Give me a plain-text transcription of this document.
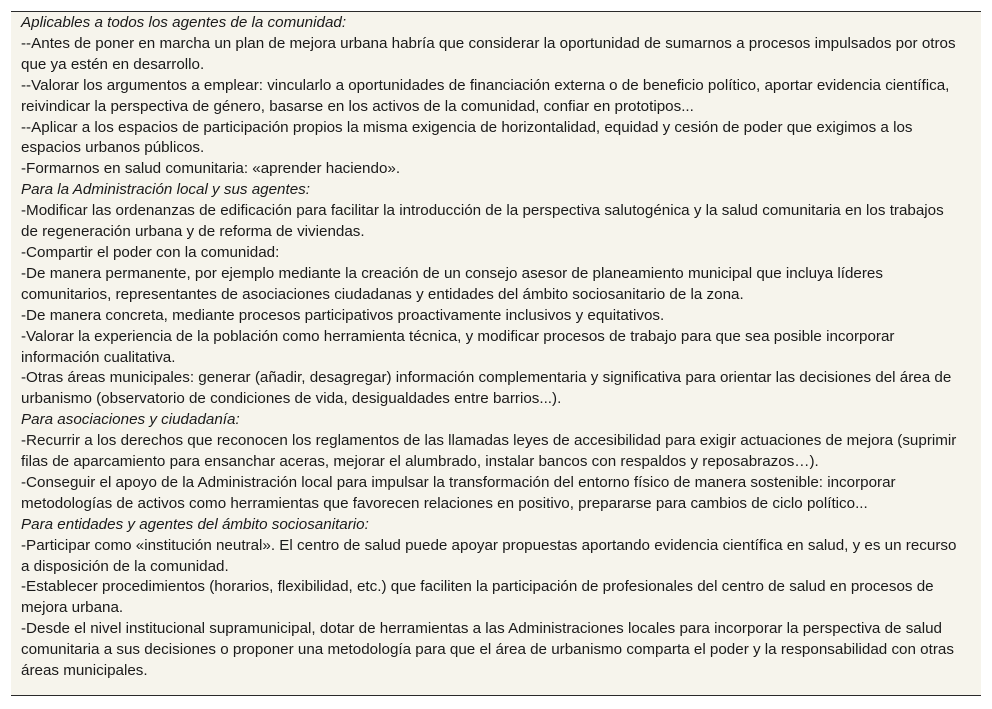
Aplicables a todos los agentes de la comunidad:

--Antes de poner en marcha un plan de mejora urbana habría que considerar la oportunidad de sumarnos a procesos impulsados por otros que ya estén en desarrollo.

--Valorar los argumentos a emplear: vincularlo a oportunidades de financiación externa o de beneficio político, aportar evidencia científica, reivindicar la perspectiva de género, basarse en los activos de la comunidad, confiar en prototipos...

--Aplicar a los espacios de participación propios la misma exigencia de horizontalidad, equidad y cesión de poder que exigimos a los espacios urbanos públicos.

-Formarnos en salud comunitaria: «aprender haciendo».

Para la Administración local y sus agentes:

-Modificar las ordenanzas de edificación para facilitar la introducción de la perspectiva salutogénica y la salud comunitaria en los trabajos de regeneración urbana y de reforma de viviendas.

-Compartir el poder con la comunidad:

-De manera permanente, por ejemplo mediante la creación de un consejo asesor de planeamiento municipal que incluya líderes comunitarios, representantes de asociaciones ciudadanas y entidades del ámbito sociosanitario de la zona.

-De manera concreta, mediante procesos participativos proactivamente inclusivos y equitativos.

-Valorar la experiencia de la población como herramienta técnica, y modificar procesos de trabajo para que sea posible incorporar información cualitativa.

-Otras áreas municipales: generar (añadir, desagregar) información complementaria y significativa para orientar las decisiones del área de urbanismo (observatorio de condiciones de vida, desigualdades entre barrios...).

Para asociaciones y ciudadanía:

-Recurrir a los derechos que reconocen los reglamentos de las llamadas leyes de accesibilidad para exigir actuaciones de mejora (suprimir filas de aparcamiento para ensanchar aceras, mejorar el alumbrado, instalar bancos con respaldos y reposabrazos…).

-Conseguir el apoyo de la Administración local para impulsar la transformación del entorno físico de manera sostenible: incorporar metodologías de activos como herramientas que favorecen relaciones en positivo, prepararse para cambios de ciclo político...

Para entidades y agentes del ámbito sociosanitario:

-Participar como «institución neutral». El centro de salud puede apoyar propuestas aportando evidencia científica en salud, y es un recurso a disposición de la comunidad.

-Establecer procedimientos (horarios, flexibilidad, etc.) que faciliten la participación de profesionales del centro de salud en procesos de mejora urbana.

-Desde el nivel institucional supramunicipal, dotar de herramientas a las Administraciones locales para incorporar la perspectiva de salud comunitaria a sus decisiones o proponer una metodología para que el área de urbanismo comparta el poder y la responsabilidad con otras áreas municipales.
